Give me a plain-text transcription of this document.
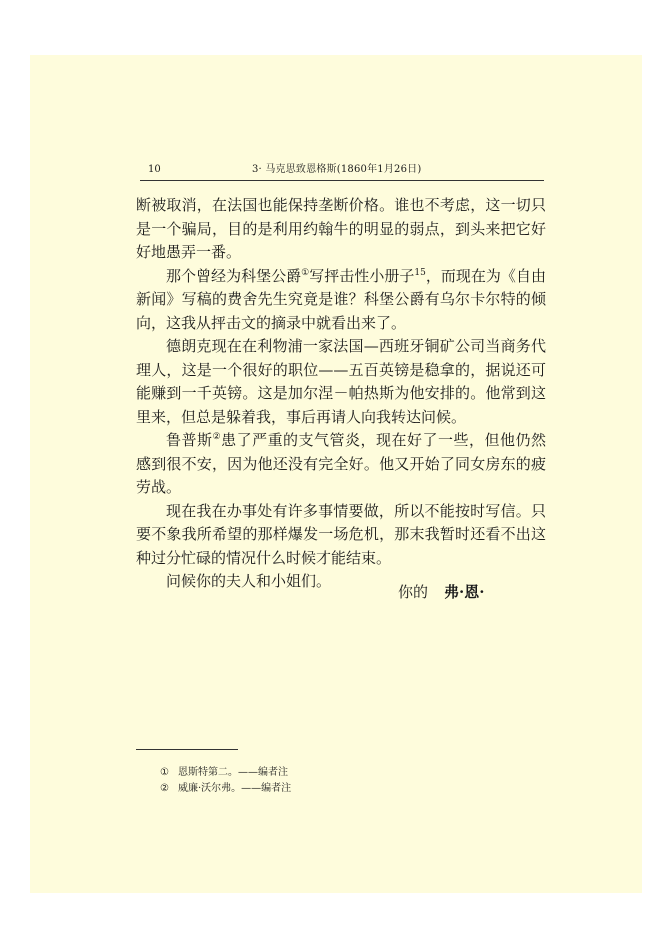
10	3· 马克思致恩格斯(1860年1月26日)

断被取消，在法国也能保持垄断价格。谁也不考虑，这一切只是一个骗局，目的是利用约翰牛的明显的弱点，到头来把它好好地愚弄一番。

那个曾经为科堡公爵①写抨击性小册子$^{15}$，而现在为《自由新闻》写稿的费舍先生究竟是谁？科堡公爵有乌尔卡尔特的倾向，这我从抨击文的摘录中就看出来了。

德朗克现在在利物浦一家法国—西班牙铜矿公司当商务代理人，这是一个很好的职位——五百英镑是稳拿的，据说还可能赚到一千英镑。这是加尔涅－帕热斯为他安排的。他常到这里来，但总是躲着我，事后再请人向我转达问候。

鲁普斯②患了严重的支气管炎，现在好了一些，但他仍然感到很不安，因为他还没有完全好。他又开始了同女房东的疲劳战。

现在我在办事处有许多事情要做，所以不能按时写信。只要不象我所希望的那样爆发一场危机，那末我暂时还看不出这种过分忙碌的情况什么时候才能结束。

问候你的夫人和小姐们。

你的 弗·恩·
① 恩斯特第二。——编者注
② 威廉·沃尔弗。——编者注
